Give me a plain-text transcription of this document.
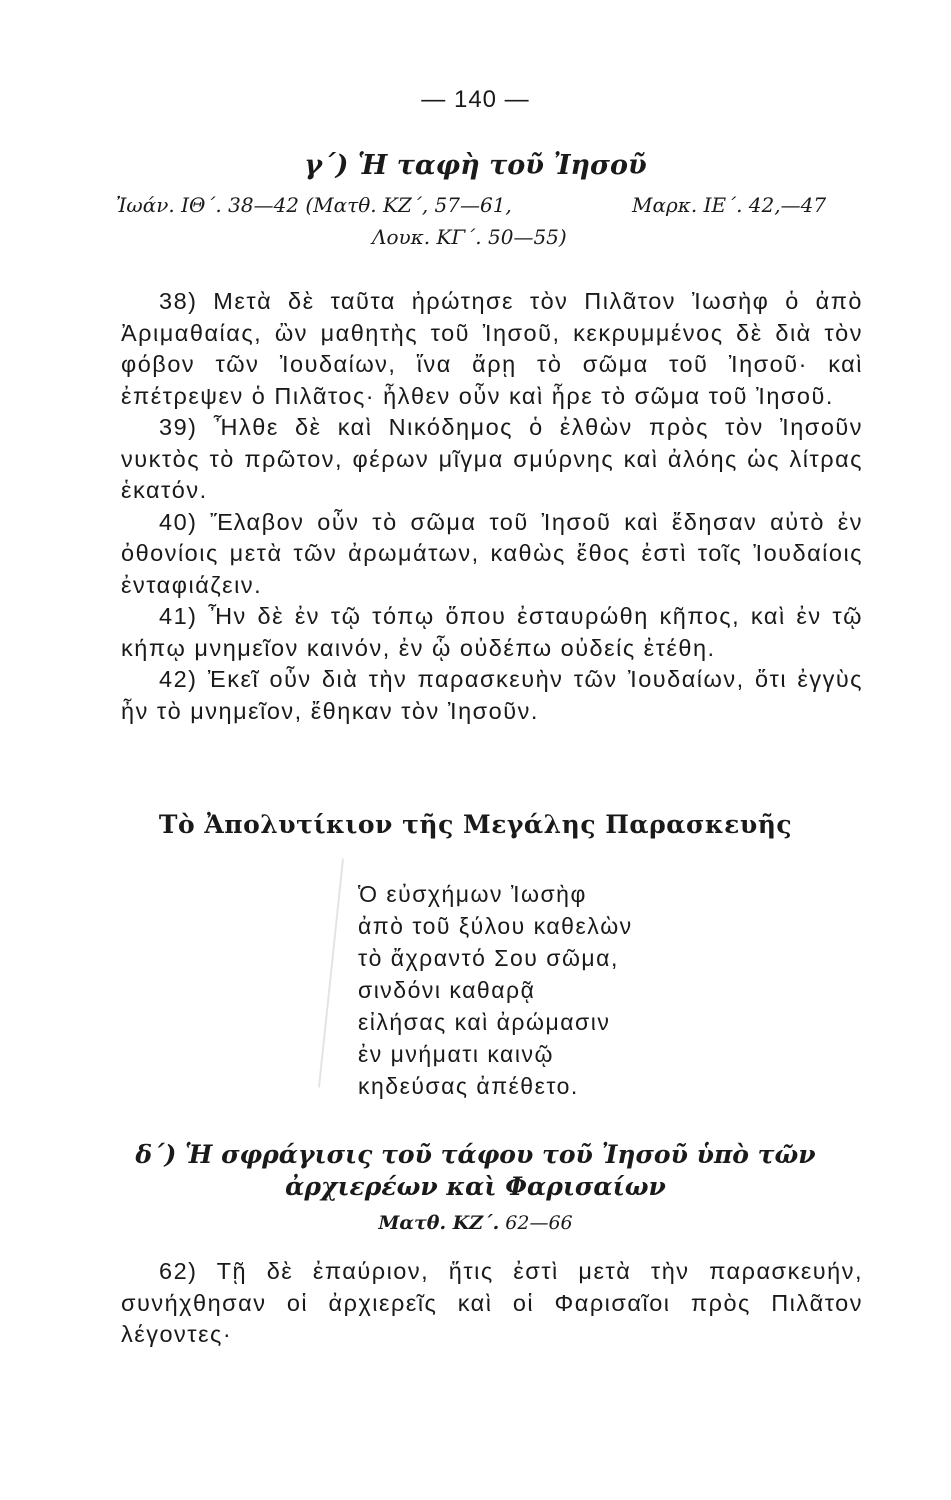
— 140 —
γ΄) Ἡ ταφὴ τοῦ Ἰησοῦ
Ἰωάν. ΙΘ΄. 38—42 (Ματθ. ΚΖ΄, 57—61,	Μαρκ. ΙΕ΄. 42,—47
Λουκ. ΚΓ΄. 50—55)

38) Μετὰ δὲ ταῦτα ἠρώτησε τὸν Πιλᾶτον Ἰωσὴφ ὁ ἀπὸ Ἀριμαθαίας, ὢν μαθητὴς τοῦ Ἰησοῦ, κεκρυμμένος δὲ διὰ τὸν φόβον τῶν Ἰουδαίων, ἵνα ἄρῃ τὸ σῶμα τοῦ Ἰησοῦ· καὶ ἐπέτρεψεν ὁ Πιλᾶτος· ἦλθεν οὖν καὶ ἦρε τὸ σῶμα τοῦ Ἰησοῦ.

39) Ἦλθε δὲ καὶ Νικόδημος ὁ ἐλθὼν πρὸς τὸν Ἰησοῦν νυκτὸς τὸ πρῶτον, φέρων μῖγμα σμύρνης καὶ ἀλόης ὡς λίτρας ἑκατόν.

40) Ἔλαβον οὖν τὸ σῶμα τοῦ Ἰησοῦ καὶ ἔδησαν αὐτὸ ἐν ὀθονίοις μετὰ τῶν ἀρωμάτων, καθὼς ἔθος ἐστὶ τοῖς Ἰουδαίοις ἐνταφιάζειν.

41) Ἦν δὲ ἐν τῷ τόπῳ ὅπου ἐσταυρώθη κῆπος, καὶ ἐν τῷ κήπῳ μνημεῖον καινόν, ἐν ᾧ οὐδέπω οὐδείς ἐτέθη.

42) Ἐκεῖ οὖν διὰ τὴν παρασκευὴν τῶν Ἰουδαίων, ὅτι ἐγγὺς ἦν τὸ μνημεῖον, ἔθηκαν τὸν Ἰησοῦν.

Τὸ Ἀπολυτίκιον τῆς Μεγάλης Παρασκευῆς
Ὁ εὐσχήμων Ἰωσὴφ
ἀπὸ τοῦ ξύλου καθελὼν
τὸ ἄχραντό Σου σῶμα,
σινδόνι καθαρᾷ
εἰλήσας καὶ ἀρώμασιν
ἐν μνήματι καινῷ
κηδεύσας ἀπέθετο.
δ΄) Ἡ σφράγισις τοῦ τάφου τοῦ Ἰησοῦ ὑπὸ τῶν
ἀρχιερέων καὶ Φαρισαίων
Ματθ. ΚΖ΄. 62—66

62) Τῇ δὲ ἐπαύριον, ἥτις ἐστὶ μετὰ τὴν παρασκευήν, συνήχθησαν οἱ ἀρχιερεῖς καὶ οἱ Φαρισαῖοι πρὸς Πιλᾶτον λέγοντες·
